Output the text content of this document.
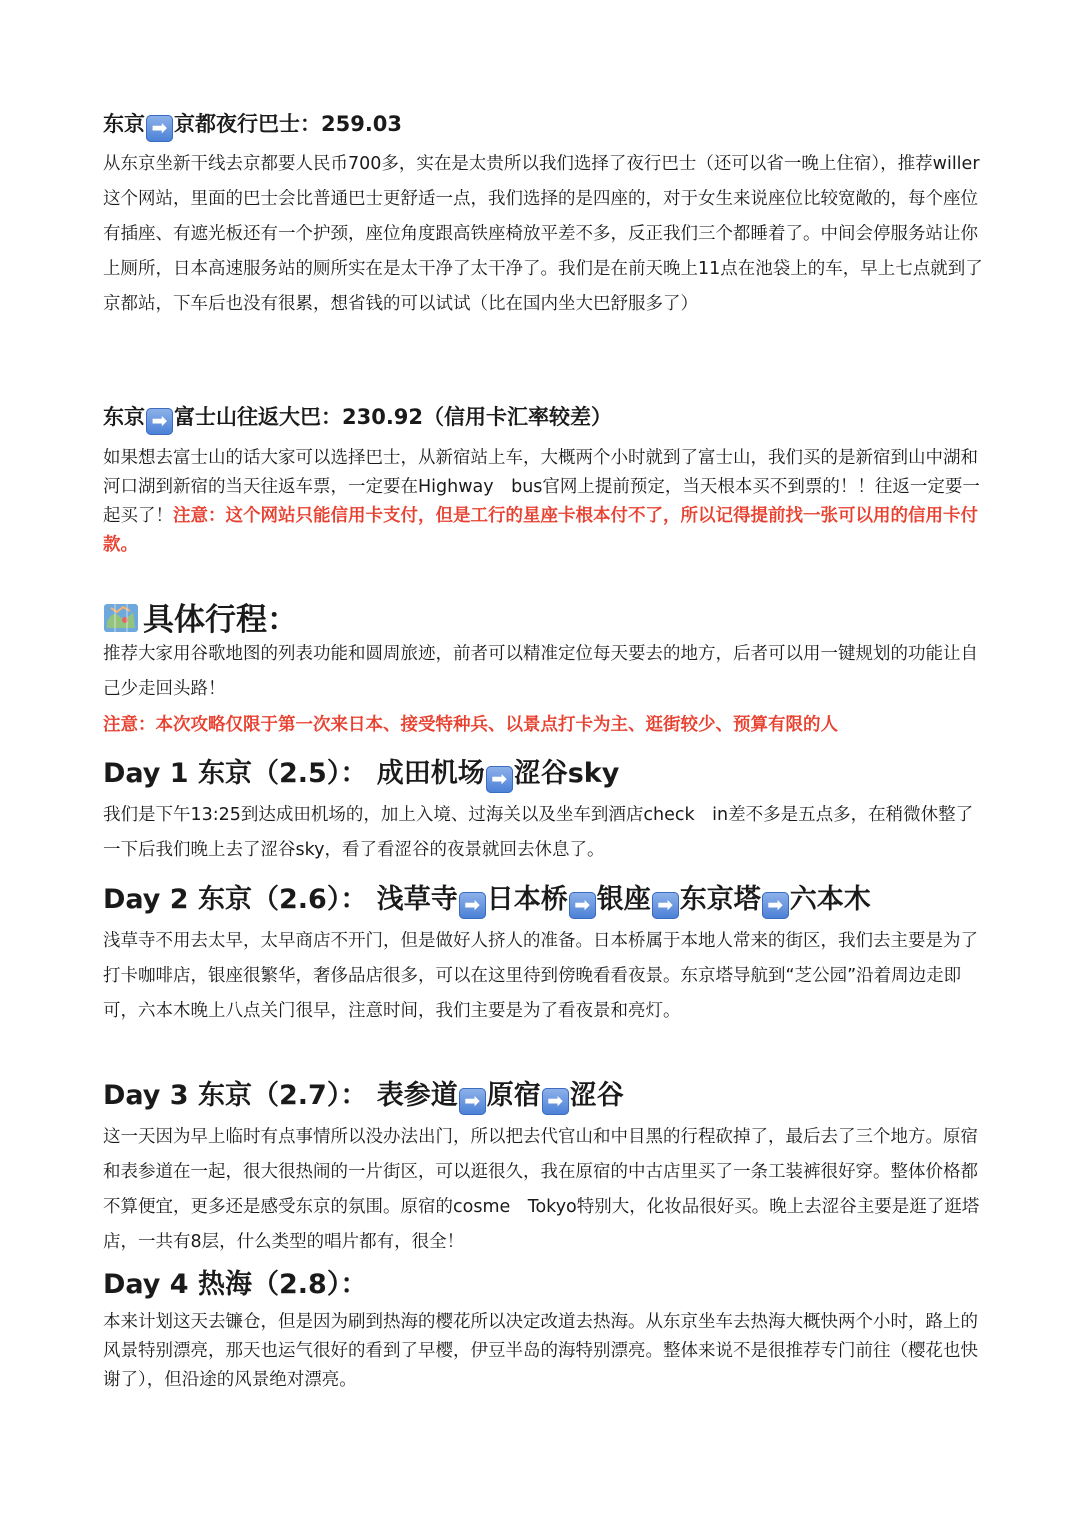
东京 ➡ 京都夜行巴士：259.03
从东京坐新干线去京都要人民币700多，实在是太贵所以我们选择了夜行巴士（还可以省一晚上住宿），推荐willer这个网站，里面的巴士会比普通巴士更舒适一点，我们选择的是四座的，对于女生来说座位比较宽敞的，每个座位有插座、有遮光板还有一个护颈，座位角度跟高铁座椅放平差不多，反正我们三个都睡着了。中间会停服务站让你上厕所，日本高速服务站的厕所实在是太干净了太干净了。我们是在前天晚上11点在池袋上的车，早上七点就到了京都站，下车后也没有很累，想省钱的可以试试（比在国内坐大巴舒服多了）
东京 ➡ 富士山往返大巴：230.92（信用卡汇率较差）
如果想去富士山的话大家可以选择巴士，从新宿站上车，大概两个小时就到了富士山，我们买的是新宿到山中湖和河口湖到新宿的当天往返车票，一定要在Highway　bus官网上提前预定，当天根本买不到票的！！往返一定要一起买了！注意：这个网站只能信用卡支付，但是工行的星座卡根本付不了，所以记得提前找一张可以用的信用卡付款。
具体行程：
推荐大家用谷歌地图的列表功能和圆周旅迹，前者可以精准定位每天要去的地方，后者可以用一键规划的功能让自己少走回头路！
注意：本次攻略仅限于第一次来日本、接受特种兵、以景点打卡为主、逛街较少、预算有限的人
Day 1 东京（2.5）： 成田机场 ➡ 涩谷sky
我们是下午13:25到达成田机场的，加上入境、过海关以及坐车到酒店check　in差不多是五点多，在稍微休整了一下后我们晚上去了涩谷sky，看了看涩谷的夜景就回去休息了。
Day 2 东京（2.6）： 浅草寺 ➡ 日本桥 ➡ 银座 ➡ 东京塔 ➡ 六本木
浅草寺不用去太早，太早商店不开门，但是做好人挤人的准备。日本桥属于本地人常来的街区，我们去主要是为了打卡咖啡店，银座很繁华，奢侈品店很多，可以在这里待到傍晚看看夜景。东京塔导航到“芝公园”沿着周边走即可，六本木晚上八点关门很早，注意时间，我们主要是为了看夜景和亮灯。
Day 3 东京（2.7）： 表参道 ➡ 原宿 ➡ 涩谷
这一天因为早上临时有点事情所以没办法出门，所以把去代官山和中目黑的行程砍掉了，最后去了三个地方。原宿和表参道在一起，很大很热闹的一片街区，可以逛很久，我在原宿的中古店里买了一条工装裤很好穿。整体价格都不算便宜，更多还是感受东京的氛围。原宿的cosme　Tokyo特别大，化妆品很好买。晚上去涩谷主要是逛了逛塔店，一共有8层，什么类型的唱片都有，很全！
Day 4 热海（2.8）：
本来计划这天去镰仓，但是因为刷到热海的樱花所以决定改道去热海。从东京坐车去热海大概快两个小时，路上的风景特别漂亮，那天也运气很好的看到了早樱，伊豆半岛的海特别漂亮。整体来说不是很推荐专门前往（樱花也快谢了），但沿途的风景绝对漂亮。
